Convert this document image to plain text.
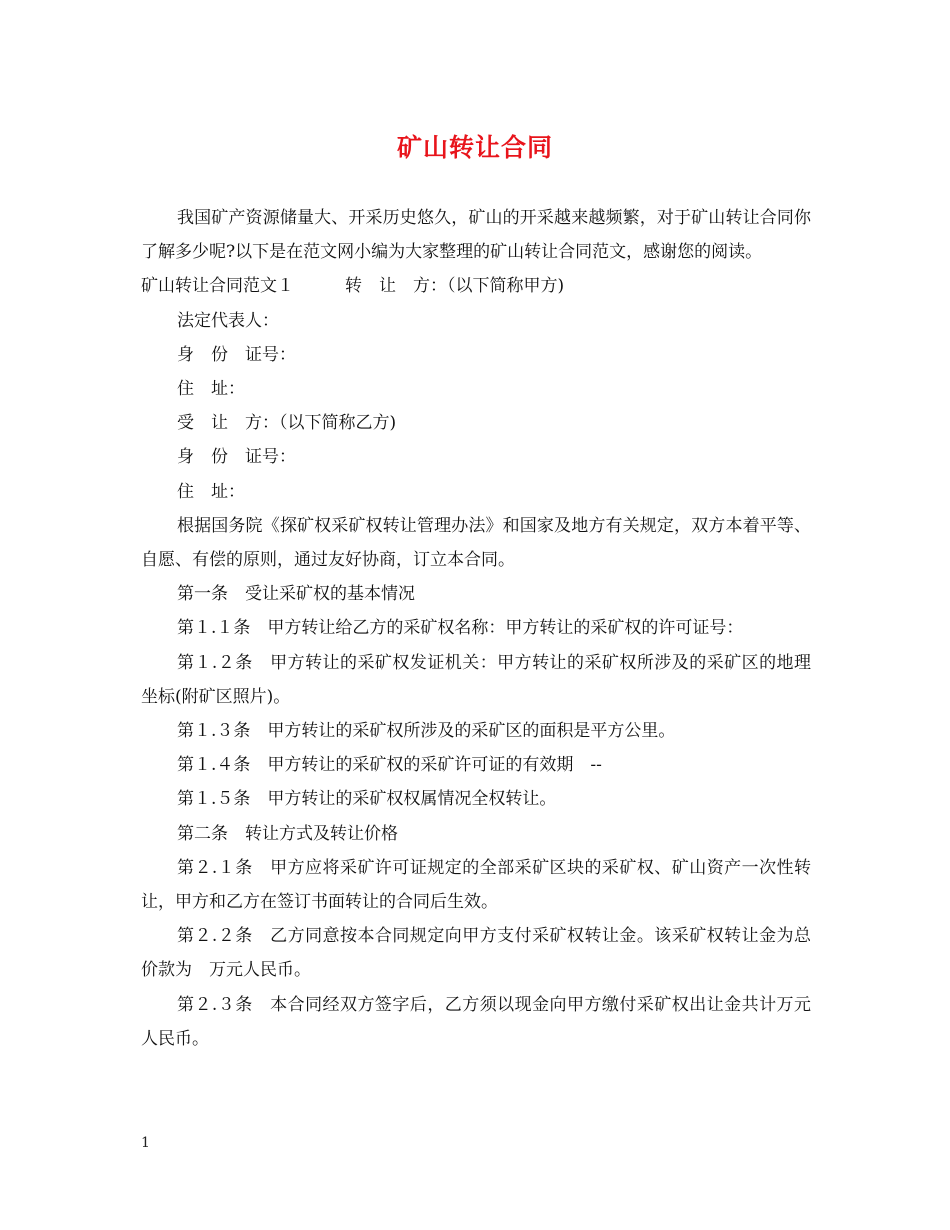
矿山转让合同

我国矿产资源储量大、开采历史悠久，矿山的开采越来越频繁，对于矿山转让合同你了解多少呢?以下是在范文网小编为大家整理的矿山转让合同范文，感谢您的阅读。

矿山转让合同范文１　　　转　让　方：（以下简称甲方)

法定代表人：

身　份　证号：

住　址：

受　让　方：（以下简称乙方)

身　份　证号：

住　址：

根据国务院《探矿权采矿权转让管理办法》和国家及地方有关规定，双方本着平等、自愿、有偿的原则，通过友好协商，订立本合同。

第一条　受让采矿权的基本情况

第１.１条　甲方转让给乙方的采矿权名称：甲方转让的采矿权的许可证号：

第１.２条　甲方转让的采矿权发证机关：甲方转让的采矿权所涉及的采矿区的地理坐标(附矿区照片)。

第１.３条　甲方转让的采矿权所涉及的采矿区的面积是平方公里。

第１.４条　甲方转让的采矿权的采矿许可证的有效期　--

第１.５条　甲方转让的采矿权权属情况全权转让。

第二条　转让方式及转让价格

第２.１条　甲方应将采矿许可证规定的全部采矿区块的采矿权、矿山资产一次性转让，甲方和乙方在签订书面转让的合同后生效。

第２.２条　乙方同意按本合同规定向甲方支付采矿权转让金。该采矿权转让金为总价款为　万元人民币。

第２.３条　本合同经双方签字后，乙方须以现金向甲方缴付采矿权出让金共计万元人民币。

1
